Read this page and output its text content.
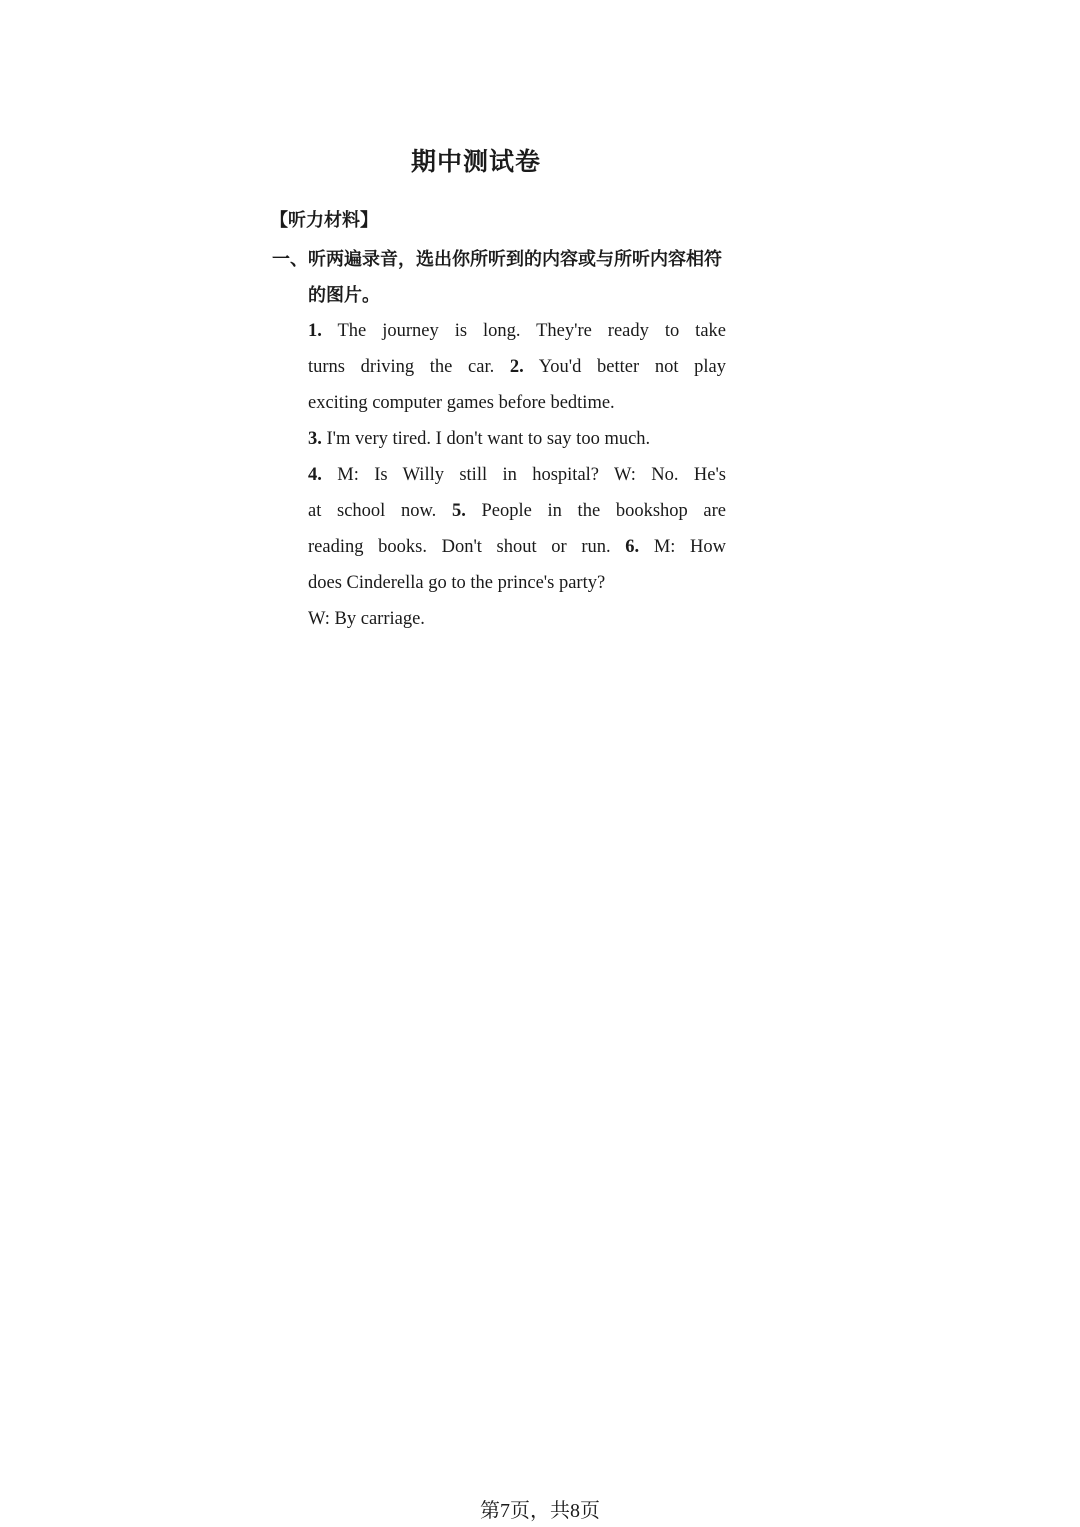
期中测试卷
【听力材料】
一、 听两遍录音，选出你所听到的内容或与所听内容相符的图片。
1. The journey is long. They're ready to take
turns driving the car. 2. You'd better not play
exciting computer games before bedtime.
3. I'm very tired. I don't want to say too much.
4. M: Is Willy still in hospital? W: No. He's
at school now. 5. People in the bookshop are
reading books. Don't shout or run. 6. M: How
does Cinderella go to the prince's party?
W: By carriage.
第7页，共8页
